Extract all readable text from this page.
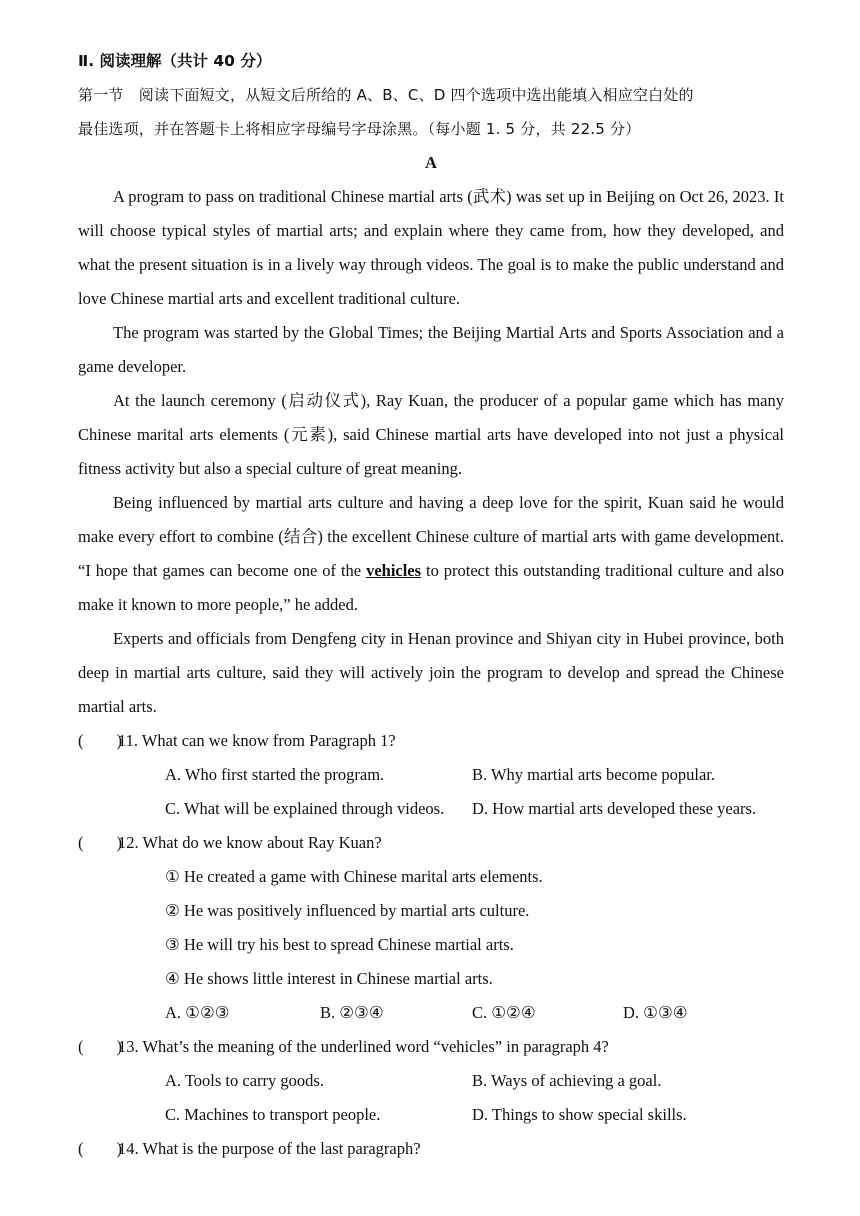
Ⅱ. 阅读理解（共计 40 分）
第一节　阅读下面短文，从短文后所给的 A、B、C、D 四个选项中选出能填入相应空白处的
最佳选项，并在答题卡上将相应字母编号字母涂黑。（每小题 1. 5 分，共 22.5 分）
A

A program to pass on traditional Chinese martial arts (武术) was set up in Beijing on Oct 26, 2023. It will choose typical styles of martial arts; and explain where they came from, how they developed, and what the present situation is in a lively way through videos. The goal is to make the public understand and love Chinese martial arts and excellent traditional culture.

The program was started by the Global Times; the Beijing Martial Arts and Sports Association and a game developer.

At the launch ceremony (启动仪式), Ray Kuan, the producer of a popular game which has many Chinese marital arts elements (元素), said Chinese martial arts have developed into not just a physical fitness activity but also a special culture of great meaning.

Being influenced by martial arts culture and having a deep love for the spirit, Kuan said he would make every effort to combine (结合) the excellent Chinese culture of martial arts with game development. “I hope that games can become one of the vehicles to protect this outstanding traditional culture and also make it known to more people,” he added.

Experts and officials from Dengfeng city in Henan province and Shiyan city in Hubei province, both deep in martial arts culture, said they will actively join the program to develop and spread the Chinese martial arts.

(　　)11. What can we know from Paragraph 1?
A. Who first started the program.	B. Why martial arts become popular.
C. What will be explained through videos. D. How martial arts developed these years.
(　　)12. What do we know about Ray Kuan?
① He created a game with Chinese marital arts elements.
② He was positively influenced by martial arts culture.
③ He will try his best to spread Chinese martial arts.
④ He shows little interest in Chinese martial arts.
A. ①②③	B. ②③④	C. ①②④	D. ①③④
(　　)13. What’s the meaning of the underlined word “vehicles” in paragraph 4?
A. Tools to carry goods.	B. Ways of achieving a goal.
C. Machines to transport people.	D. Things to show special skills.
(　　)14. What is the purpose of the last paragraph?
